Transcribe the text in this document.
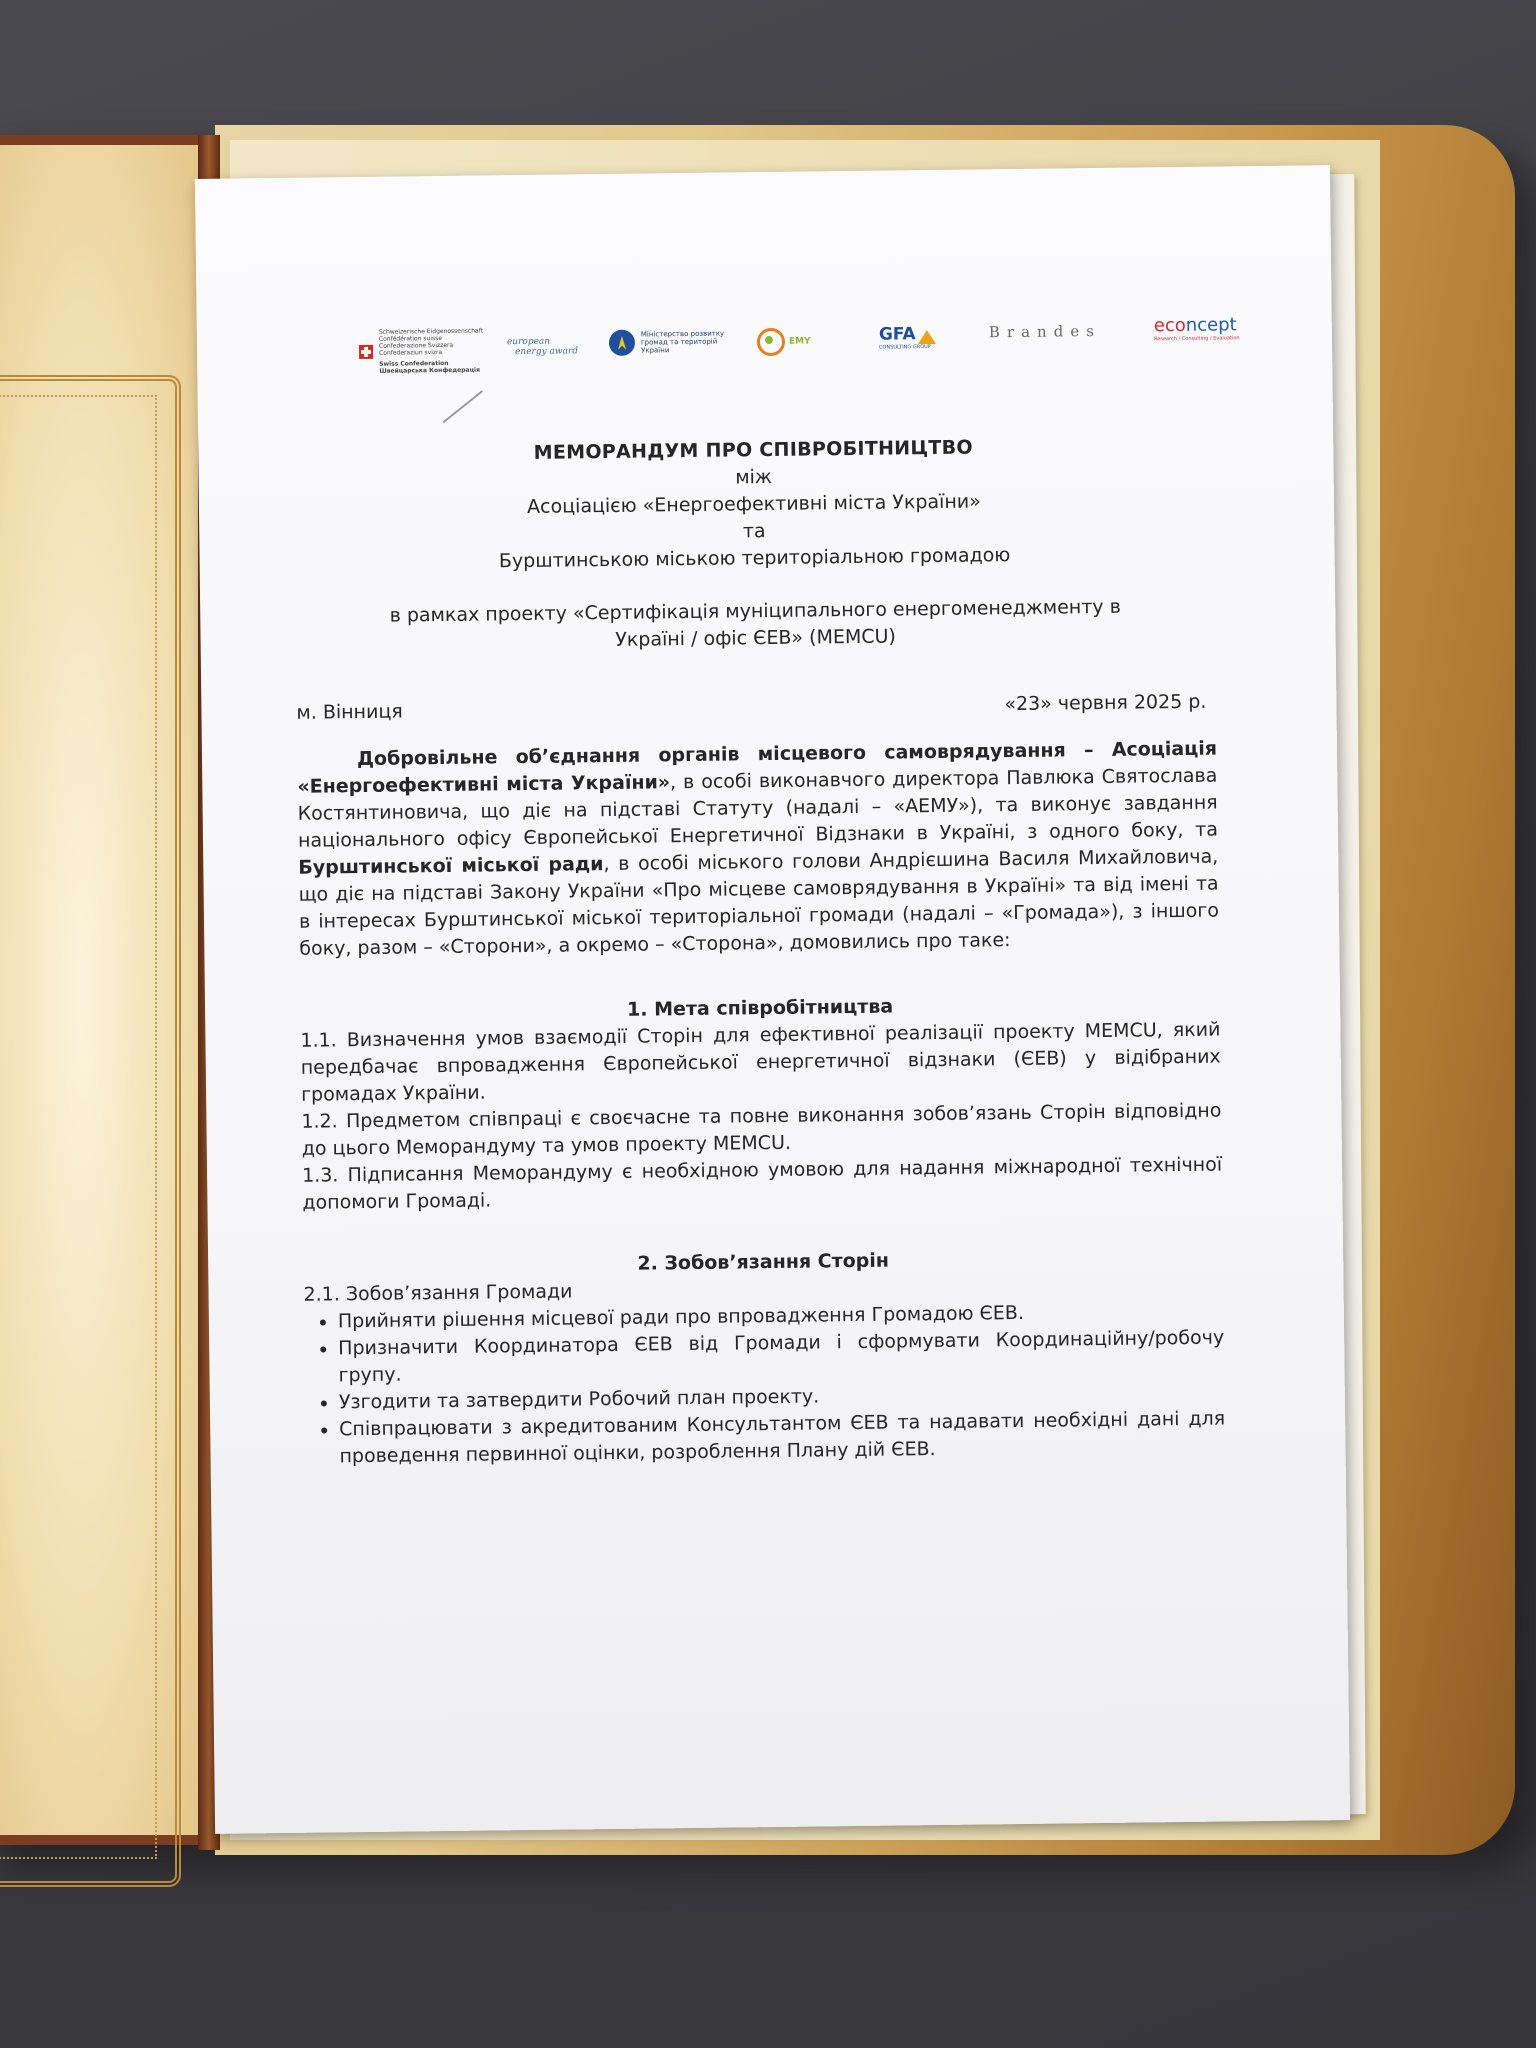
Schweizerische Eidgenossenschaft
Confédération suisse
Confederazione Svizzera
Confederaziun svizra
Swiss Confederation
Швейцарська Конфедерація
european
energy award
Міністерство розвитку
громад та територій
України
EMY	GFA
CONSULTING GROUP
Brandes	econcept
Research / Consulting / Evaluation
МЕМОРАНДУМ ПРО СПІВРОБІТНИЦТВО
між
Асоціацією «Енергоефективні міста України»
та
Бурштинською міською територіальною громадою
в рамках проекту «Сертифікація муніципального енергоменеджменту в
Україні / офіс ЄЕВ» (MEMCU)
м. Вінниця	«23» червня 2025 р.

Добровільне об’єднання органів місцевого самоврядування – Асоціація «Енергоефективні міста України», в особі виконавчого директора Павлюка Святослава Костянтиновича, що діє на підставі Статуту (надалі – «АЕМУ»), та виконує завдання національного офісу Європейської Енергетичної Відзнаки в Україні, з одного боку, та Бурштинської міської ради, в особі міського голови Андрієшина Василя Михайловича, що діє на підставі Закону України «Про місцеве самоврядування в Україні» та від імені та в інтересах Бурштинської міської територіальної громади (надалі – «Громада»), з іншого боку, разом – «Сторони», а окремо – «Сторона», домовились про таке:

1. Мета співробітництва

1.1. Визначення умов взаємодії Сторін для ефективної реалізації проекту MEMCU, який передбачає впровадження Європейської енергетичної відзнаки (ЄЕВ) у відібраних громадах України.

1.2. Предметом співпраці є своєчасне та повне виконання зобов’язань Сторін відповідно до цього Меморандуму та умов проекту MEMCU.

1.3. Підписання Меморандуму є необхідною умовою для надання міжнародної технічної допомоги Громаді.

2. Зобов’язання Сторін

2.1. Зобов’язання Громади

• Прийняти рішення місцевої ради про впровадження Громадою ЄЕВ.
• Призначити Координатора ЄЕВ від Громади і сформувати Координаційну/робочу групу.
• Узгодити та затвердити Робочий план проекту.
• Співпрацювати з акредитованим Консультантом ЄЕВ та надавати необхідні дані для проведення первинної оцінки, розроблення Плану дій ЄЕВ.
